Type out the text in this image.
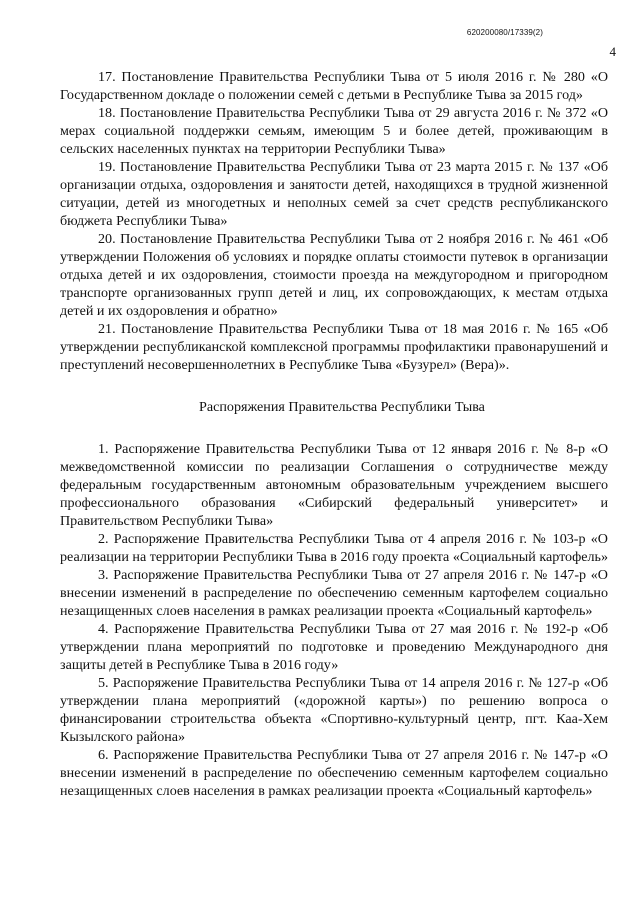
620200080/17339(2)
4

17. Постановление Правительства Республики Тыва от 5 июля 2016 г. № 280 «О Государственном докладе о положении семей с детьми в Республике Тыва за 2015 год»

18. Постановление Правительства Республики Тыва от 29 августа 2016 г. № 372 «О мерах социальной поддержки семьям, имеющим 5 и более детей, проживающим в сельских населенных пунктах на территории Республики Тыва»

19. Постановление Правительства Республики Тыва от 23 марта 2015 г. № 137 «Об организации отдыха, оздоровления и занятости детей, находящихся в трудной жизненной ситуации, детей из многодетных и неполных семей за счет средств республиканского бюджета Республики Тыва»

20. Постановление Правительства Республики Тыва от 2 ноября 2016 г. № 461 «Об утверждении Положения об условиях и порядке оплаты стоимости путевок в организации отдыха детей и их оздоровления, стоимости проезда на междугородном и пригородном транспорте организованных групп детей и лиц, их сопровождающих, к местам отдыха детей и их оздоровления и обратно»

21. Постановление Правительства Республики Тыва от 18 мая 2016 г. № 165 «Об утверждении республиканской комплексной программы профилактики правонарушений и преступлений несовершеннолетних в Республике Тыва «Бузурел» (Вера)».

Распоряжения Правительства Республики Тыва

1. Распоряжение Правительства Республики Тыва от 12 января 2016 г. № 8-р «О межведомственной комиссии по реализации Соглашения о сотрудничестве между федеральным государственным автономным образовательным учреждением высшего профессионального образования «Сибирский федеральный университет» и Правительством Республики Тыва»

2. Распоряжение Правительства Республики Тыва от 4 апреля 2016 г. № 103-р «О реализации на территории Республики Тыва в 2016 году проекта «Социальный картофель»

3. Распоряжение Правительства Республики Тыва от 27 апреля 2016 г. № 147-р «О внесении изменений в распределение по обеспечению семенным картофелем социально незащищенных слоев населения в рамках реализации проекта «Социальный картофель»

4. Распоряжение Правительства Республики Тыва от 27 мая 2016 г. № 192-р «Об утверждении плана мероприятий по подготовке и проведению Международного дня защиты детей в Республике Тыва в 2016 году»

5. Распоряжение Правительства Республики Тыва от 14 апреля 2016 г. № 127-р «Об утверждении плана мероприятий («дорожной карты») по решению вопроса о финансировании строительства объекта «Спортивно-культурный центр, пгт. Каа-Хем Кызылского района»

6. Распоряжение Правительства Республики Тыва от 27 апреля 2016 г. № 147-р «О внесении изменений в распределение по обеспечению семенным картофелем социально незащищенных слоев населения в рамках реализации проекта «Социальный картофель»
